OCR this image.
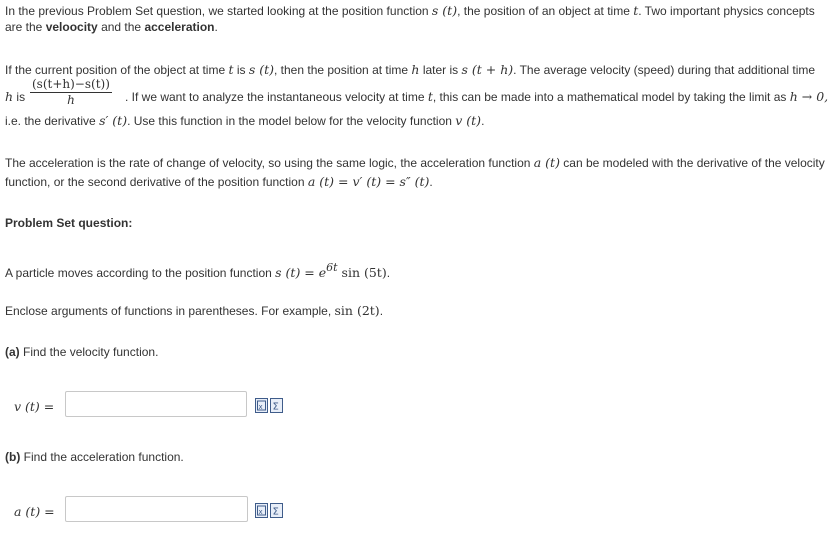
In the previous Problem Set question, we started looking at the position function s (t), the position of an object at time t. Two important physics concepts
are the veloocity and the acceleration.
If the current position of the object at time t is s (t), then the position at time h later is s (t + h). The average velocity (speed) during that additional time
h is
(s(t+h)−s(t))
h	. If we want to analyze the instantaneous velocity at time t, this can be made into a mathematical model by taking the limit as h → 0,
i.e. the derivative s′ (t). Use this function in the model below for the velocity function v (t).
The acceleration is the rate of change of velocity, so using the same logic, the acceleration function a (t) can be modeled with the derivative of the velocity
function, or the second derivative of the position function a (t) = v′ (t) = s″ (t).
Problem Set question:
A particle moves according to the position function s $(t) = e^{6t}$ sin (5t).
Enclose arguments of functions in parentheses. For example, sin (2t).
(a) Find the velocity function.
v (t) =	x Σ
(b) Find the acceleration function.
a (t) =	x Σ
